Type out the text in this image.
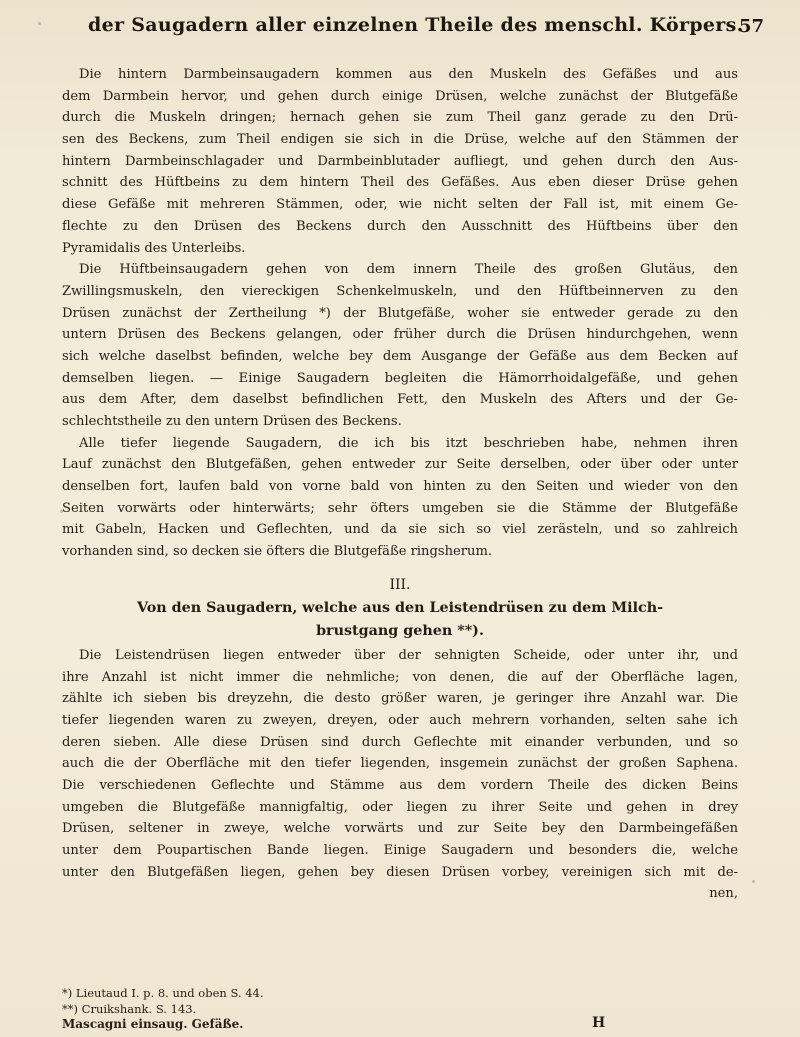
der Saugadern aller einzelnen Theile des menschl. Körpers.
57
Die hintern Darmbeinsaugadern kommen aus den Muskeln des Gefäßes und aus
dem Darmbein hervor, und gehen durch einige Drüsen, welche zunächst der Blutgefäße
durch die Muskeln dringen; hernach gehen sie zum Theil ganz gerade zu den Drü-
sen des Beckens, zum Theil endigen sie sich in die Drüse, welche auf den Stämmen der
hintern Darmbeinschlagader und Darmbeinblutader aufliegt, und gehen durch den Aus-
schnitt des Hüftbeins zu dem hintern Theil des Gefäßes. Aus eben dieser Drüse gehen
diese Gefäße mit mehreren Stämmen, oder, wie nicht selten der Fall ist, mit einem Ge-
flechte zu den Drüsen des Beckens durch den Ausschnitt des Hüftbeins über den
Pyramidalis des Unterleibs.
Die Hüftbeinsaugadern gehen von dem innern Theile des großen Glutäus, den
Zwillingsmuskeln, den viereckigen Schenkelmuskeln, und den Hüftbeinnerven zu den
Drüsen zunächst der Zertheilung *) der Blutgefäße, woher sie entweder gerade zu den
untern Drüsen des Beckens gelangen, oder früher durch die Drüsen hindurchgehen, wenn
sich welche daselbst befinden, welche bey dem Ausgange der Gefäße aus dem Becken auf
demselben liegen. — Einige Saugadern begleiten die Hämorrhoidalgefäße, und gehen
aus dem After, dem daselbst befindlichen Fett, den Muskeln des Afters und der Ge-
schlechtstheile zu den untern Drüsen des Beckens.
Alle tiefer liegende Saugadern, die ich bis itzt beschrieben habe, nehmen ihren
Lauf zunächst den Blutgefäßen, gehen entweder zur Seite derselben, oder über oder unter
denselben fort, laufen bald von vorne bald von hinten zu den Seiten und wieder von den
Seiten vorwärts oder hinterwärts; sehr öfters umgeben sie die Stämme der Blutgefäße
mit Gabeln, Hacken und Geflechten, und da sie sich so viel zerästeln, und so zahlreich
vorhanden sind, so decken sie öfters die Blutgefäße ringsherum.
III.
Von den Saugadern, welche aus den Leistendrüsen zu dem Milch-
brustgang gehen **).
Die Leistendrüsen liegen entweder über der sehnigten Scheide, oder unter ihr, und
ihre Anzahl ist nicht immer die nehmliche; von denen, die auf der Oberfläche lagen,
zählte ich sieben bis dreyzehn, die desto größer waren, je geringer ihre Anzahl war. Die
tiefer liegenden waren zu zweyen, dreyen, oder auch mehrern vorhanden, selten sahe ich
deren sieben. Alle diese Drüsen sind durch Geflechte mit einander verbunden, und so
auch die der Oberfläche mit den tiefer liegenden, insgemein zunächst der großen Saphena.
Die verschiedenen Geflechte und Stämme aus dem vordern Theile des dicken Beins
umgeben die Blutgefäße mannigfaltig, oder liegen zu ihrer Seite und gehen in drey
Drüsen, seltener in zweye, welche vorwärts und zur Seite bey den Darmbeingefäßen
unter dem Poupartischen Bande liegen. Einige Saugadern und besonders die, welche
unter den Blutgefäßen liegen, gehen bey diesen Drüsen vorbey, vereinigen sich mit de-
nen,
*) Lieutaud I. p. 8. und oben S. 44.
**) Cruikshank. S. 143.
Mascagni einsaug. Gefäße.	H
